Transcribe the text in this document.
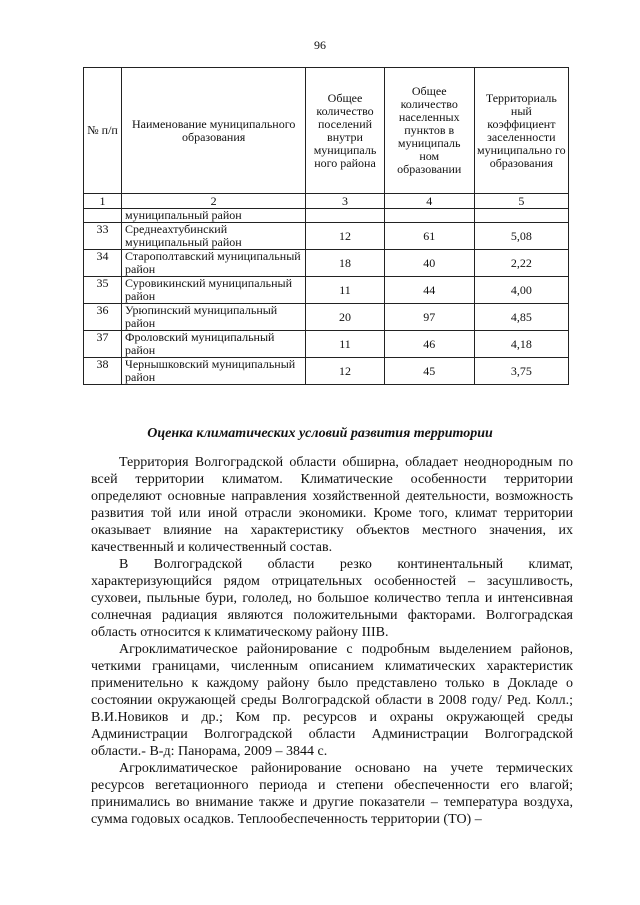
96
№ п/п	Наименование муниципального образования	Общее количество поселений внутри муниципаль ного района	Общее количество населенных пунктов в муниципаль ном образовании	Территориаль ный коэффициент заселенности муниципально го образования
1	2	3	4	5
	муниципальный район			
33	Среднеахтубинский муниципальный район	12	61	5,08
34	Старополтавский муниципальный район	18	40	2,22
35	Суровикинский муниципальный район	11	44	4,00
36	Урюпинский муниципальный район	20	97	4,85
37	Фроловский муниципальный район	11	46	4,18
38	Чернышковский муниципальный район	12	45	3,75
Оценка климатических условий развития территории

Территория Волгоградской области обширна, обладает неоднородным по всей территории климатом. Климатические особенности территории определяют основные направления хозяйственной деятельности, возможность развития той или иной отрасли экономики. Кроме того, климат территории оказывает влияние на характеристику объектов местного значения, их качественный и количественный состав.

В Волгоградской области резко континентальный климат, характеризующийся рядом отрицательных особенностей – засушливость, суховеи, пыльные бури, гололед, но большое количество тепла и интенсивная солнечная радиация являются положительными факторами. Волгоградская область относится к климатическому району IIIВ.

Агроклиматическое районирование с подробным выделением районов, четкими границами, численным описанием климатических характеристик применительно к каждому району было представлено только в Докладе о состоянии окружающей среды Волгоградской области в 2008 году/ Ред. Колл.; В.И.Новиков и др.; Ком пр. ресурсов и охраны окружающей среды Администрации Волгоградской области Администрации Волгоградской области.- В-д: Панорама, 2009 – 3844 с.

Агроклиматическое районирование основано на учете термических ресурсов вегетационного периода и степени обеспеченности его влагой; принимались во внимание также и другие показатели – температура воздуха, сумма годовых осадков. Теплообеспеченность территории (ТО) –
